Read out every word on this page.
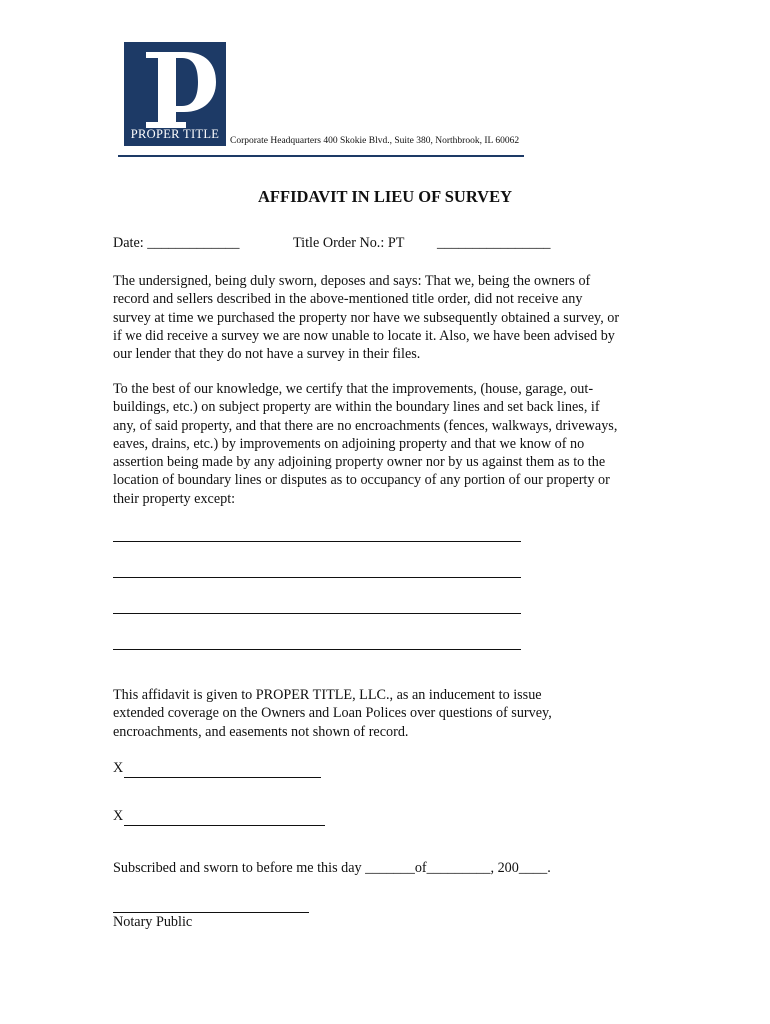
PROPER TITLE	Corporate Headquarters 400 Skokie Blvd., Suite 380, Northbrook, IL 60062
AFFIDAVIT IN LIEU OF SURVEY
Date: _____________	Title Order No.: PT ________________
The undersigned, being duly sworn, deposes and says: That we, being the owners of
record and sellers described in the above-mentioned title order, did not receive any
survey at time we purchased the property nor have we subsequently obtained a survey, or
if we did receive a survey we are now unable to locate it. Also, we have been advised by
our lender that they do not have a survey in their files.
To the best of our knowledge, we certify that the improvements, (house, garage, out-
buildings, etc.) on subject property are within the boundary lines and set back lines, if
any, of said property, and that there are no encroachments (fences, walkways, driveways,
eaves, drains, etc.) by improvements on adjoining property and that we know of no
assertion being made by any adjoining property owner nor by us against them as to the
location of boundary lines or disputes as to occupancy of any portion of our property or
their property except:
This affidavit is given to PROPER TITLE, LLC., as an inducement to issue
extended coverage on the Owners and Loan Polices over questions of survey,
encroachments, and easements not shown of record.
X
X
Subscribed and sworn to before me this day _______of_________, 200____.
Notary Public
